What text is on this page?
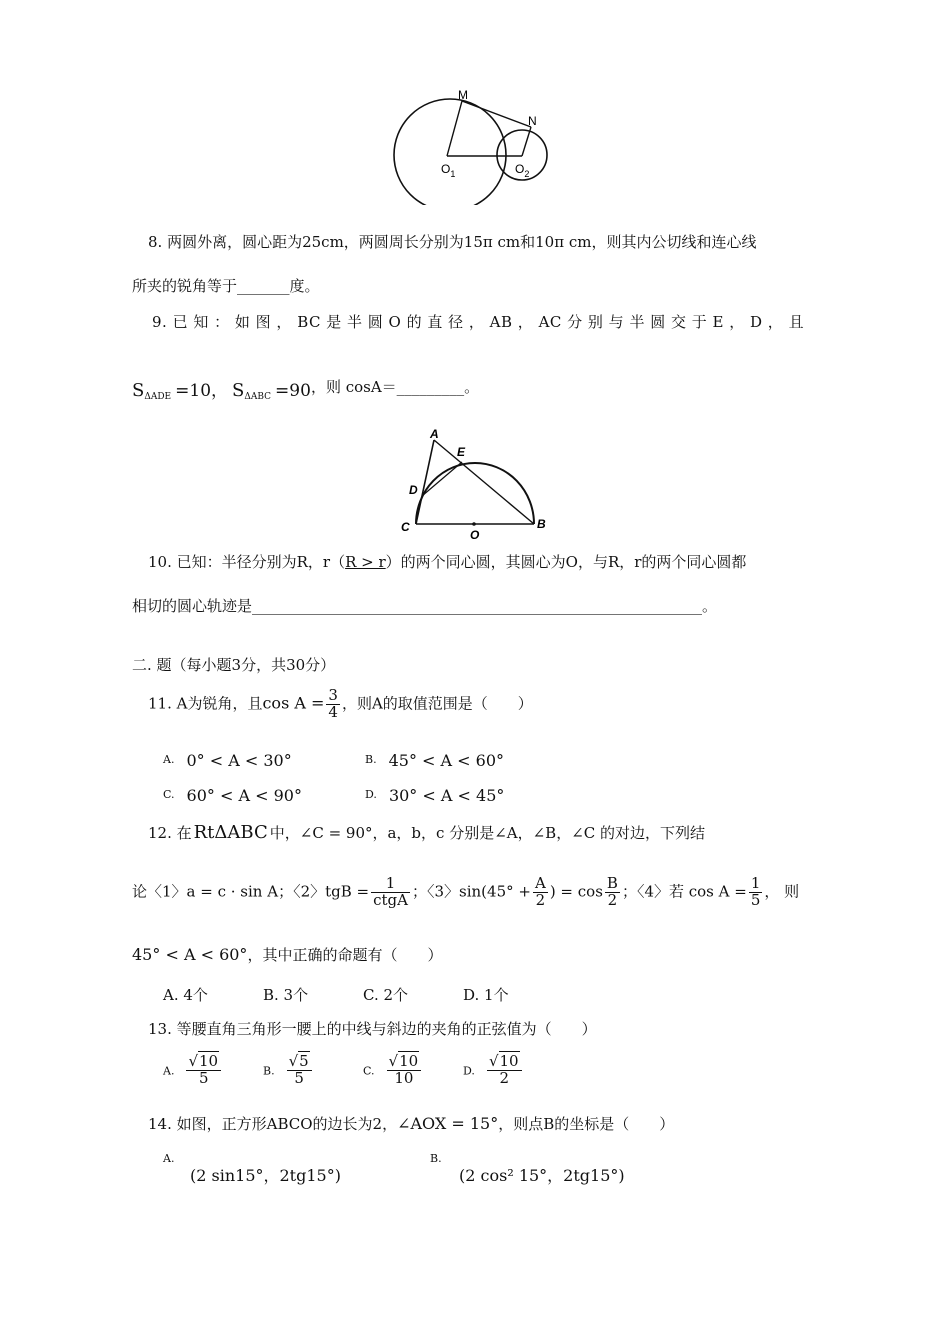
M
N
$O_1$	$O_2$
8. 两圆外离，圆心距为25cm，两圆周长分别为15π cm和10π cm，则其内公切线和连心线
所夹的锐角等于_______度。
9. 已 知 ： 如 图 ， BC 是 半 圆 O 的 直 径 ， AB ， AC 分 别 与 半 圆 交 于 E ， D ， 且
$S_{\Delta ADE} =10$， $S_{\Delta ABC} =90$，则 cosA＝_________。
A
E
D
C
O
B
10. 已知：半径分别为R，r（R > r）的两个同心圆，其圆心为O，与R，r的两个同心圆都
相切的圆心轨迹是____________________________________________________________。
二. 题（每小题3分，共30分）
11. A为锐角，且$\cos A = \frac{3}{4}$ ，则A的取值范围是（　　）
$^{A.}$ 0° < A < 30°	$^{B.}$ 45° < A < 60°
$^{C.}$ 60° < A < 90°	$^{D.}$ 30° < A < 45°
12. 在 RtΔABC 中，∠C = 90°，a，b，c 分别是∠A，∠B，∠C 的对边，下列结
论〈1〉a = c · sin A；〈2〉tgB = $\frac{1}{\text{ctgA}}$ ；〈3〉$\sin(45^\circ + \frac{A}{2}$ ) = $\cos \frac{B}{2}$ ；〈4〉若 $\cos A = \frac{1}{5}$ ， 则
45° < A < 60°，其中正确的命题有（　　）
A. 4个	B. 3个	C. 2个	D. 1个
13. 等腰直角三角形一腰上的中线与斜边的夹角的正弦值为（　　）
A. $\frac{√10}{5}$	B. $\frac{√5}{5}$	C. $\frac{√10}{10}$	D. $\frac{√10}{2}$
14. 如图，正方形ABCO的边长为2，∠AOX = 15°，则点B的坐标是（　　）
A.
(2 sin15°，2tg15°)
B.
(2 cos² 15°，2tg15°)
